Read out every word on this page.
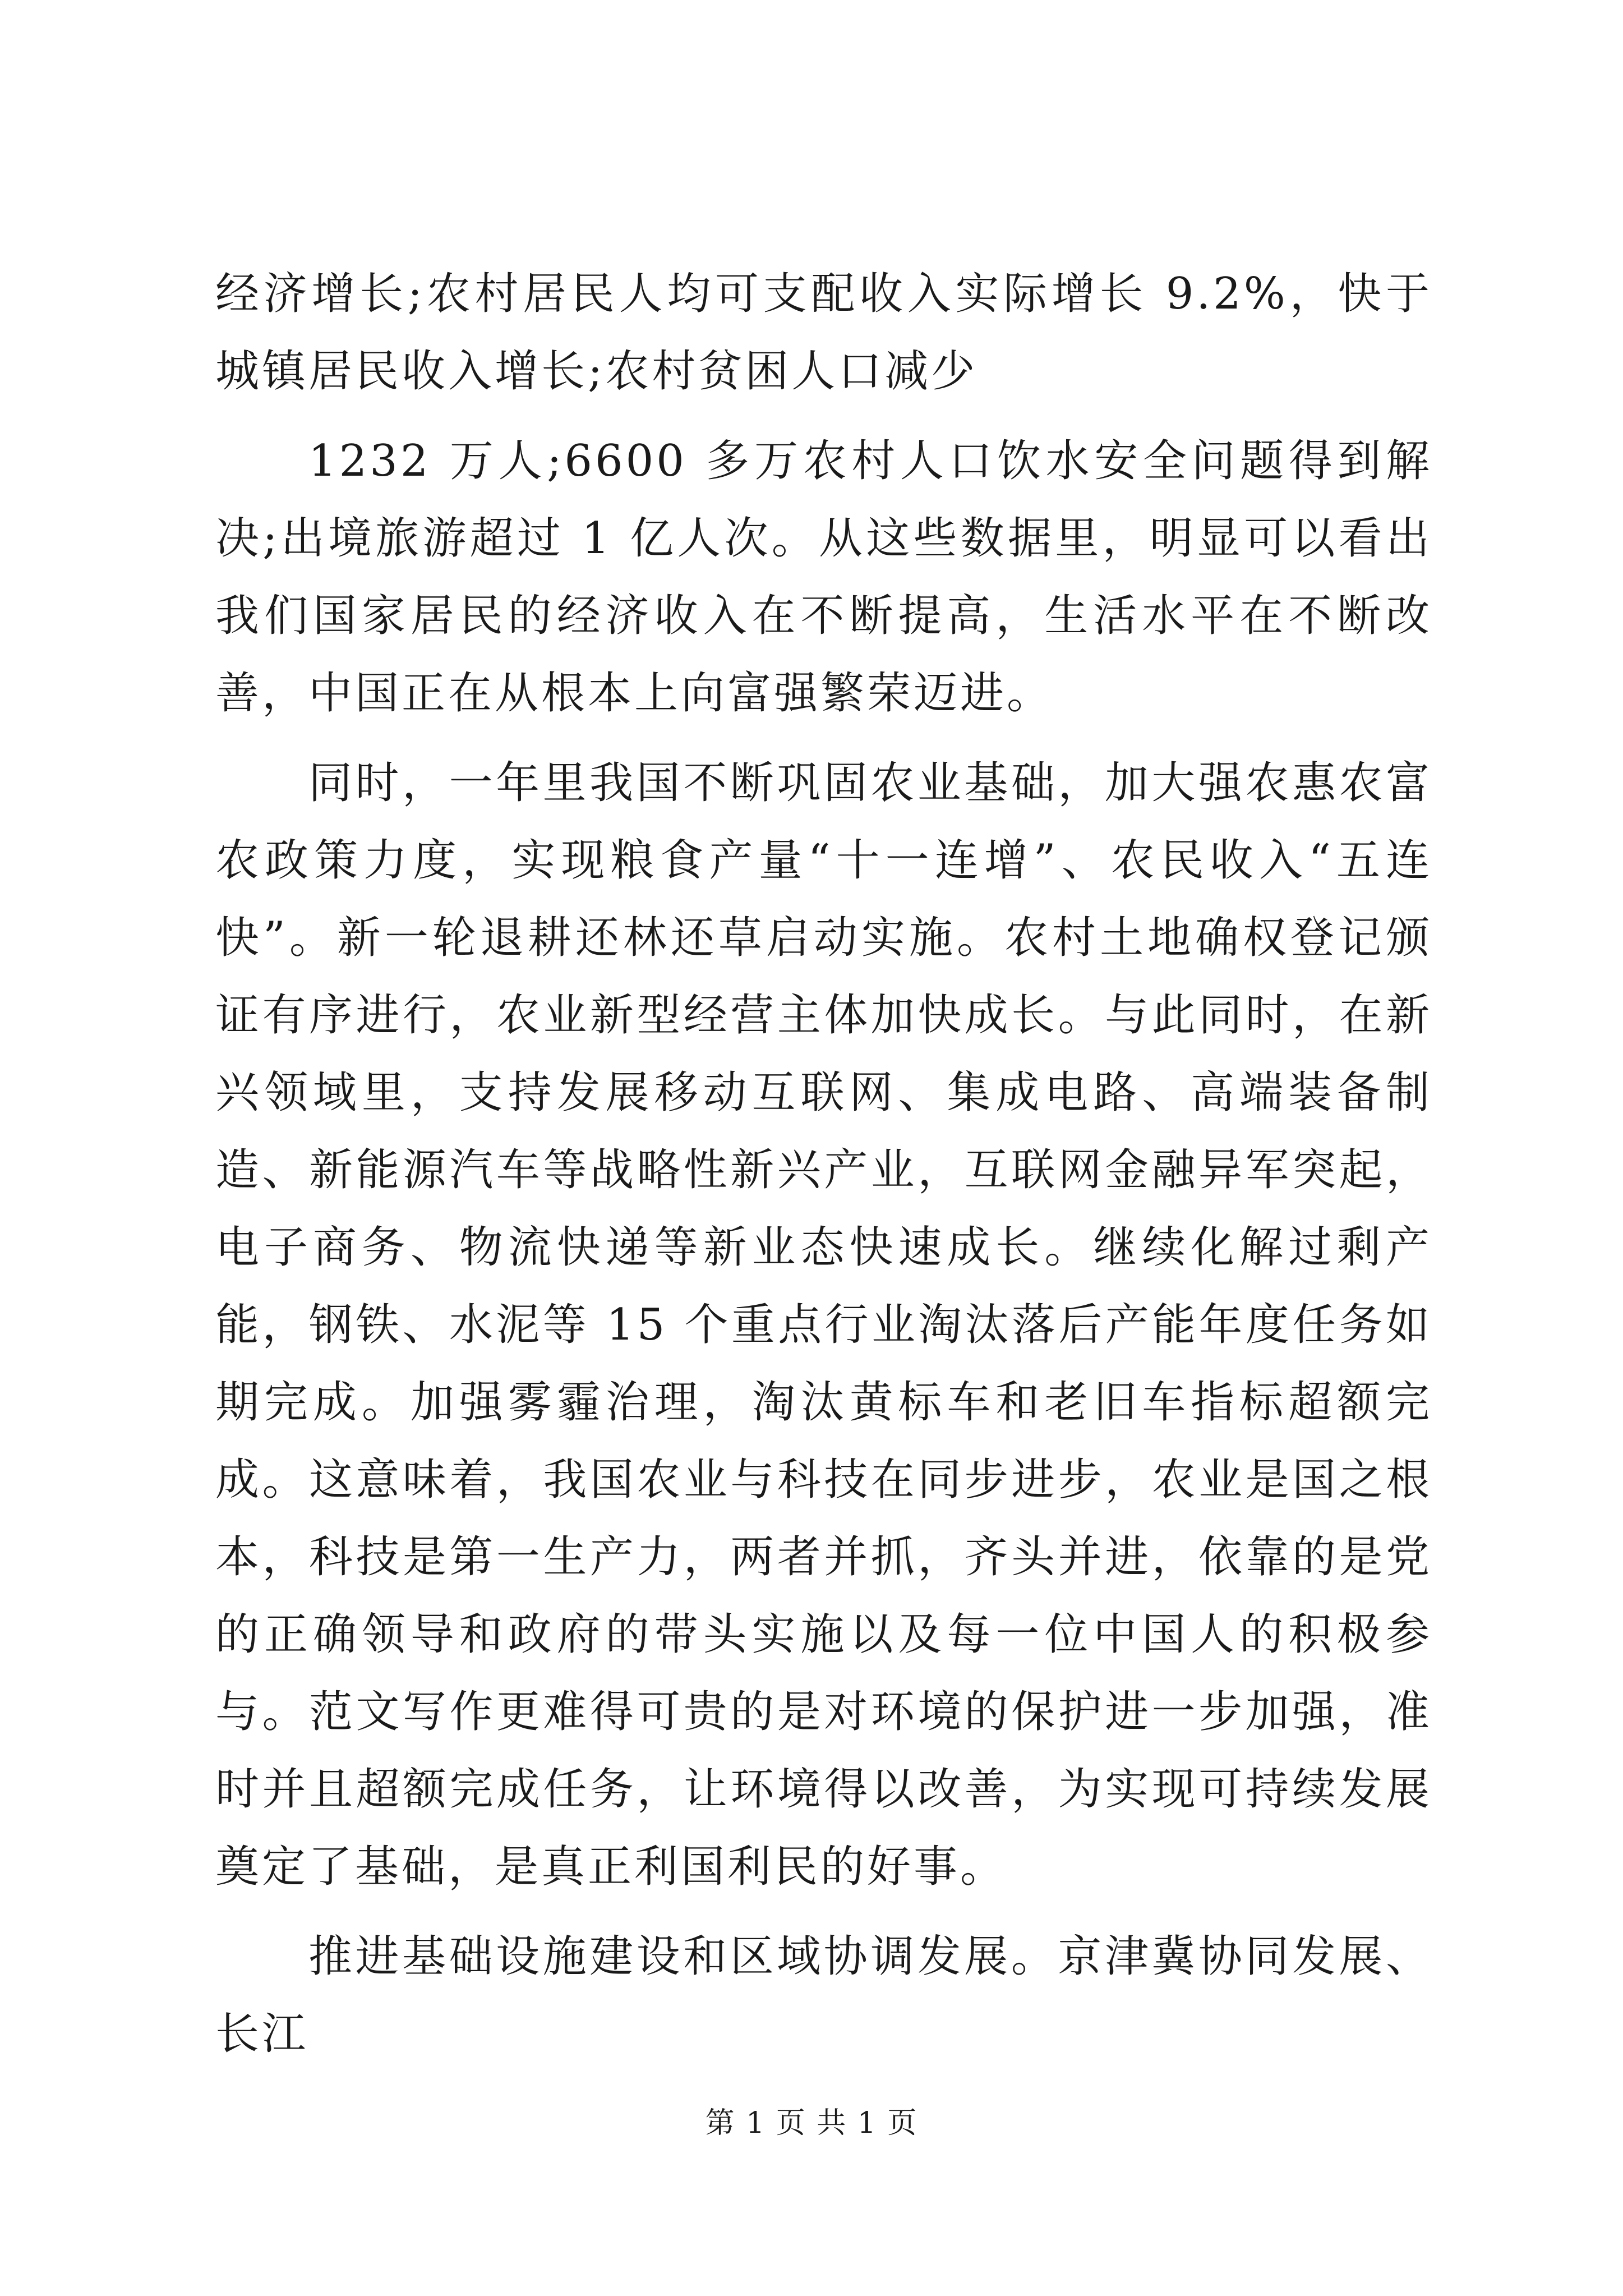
经济增长;农村居民人均可支配收入实际增长 9.2%，快于城镇居民收入增长;农村贫困人口减少

1232 万人;6600 多万农村人口饮水安全问题得到解决;出境旅游超过 1 亿人次。从这些数据里，明显可以看出我们国家居民的经济收入在不断提高，生活水平在不断改善，中国正在从根本上向富强繁荣迈进。

同时，一年里我国不断巩固农业基础，加大强农惠农富农政策力度，实现粮食产量“十一连增”、农民收入“五连快”。新一轮退耕还林还草启动实施。农村土地确权登记颁证有序进行，农业新型经营主体加快成长。与此同时，在新兴领域里，支持发展移动互联网、集成电路、高端装备制造、新能源汽车等战略性新兴产业，互联网金融异军突起，电子商务、物流快递等新业态快速成长。继续化解过剩产能，钢铁、水泥等 15 个重点行业淘汰落后产能年度任务如期完成。加强雾霾治理，淘汰黄标车和老旧车指标超额完成。这意味着，我国农业与科技在同步进步，农业是国之根本，科技是第一生产力，两者并抓，齐头并进，依靠的是党的正确领导和政府的带头实施以及每一位中国人的积极参与。范文写作更难得可贵的是对环境的保护进一步加强，准时并且超额完成任务，让环境得以改善，为实现可持续发展奠定了基础，是真正利国利民的好事。

推进基础设施建设和区域协调发展。京津冀协同发展、长江

第 1 页 共 1 页
